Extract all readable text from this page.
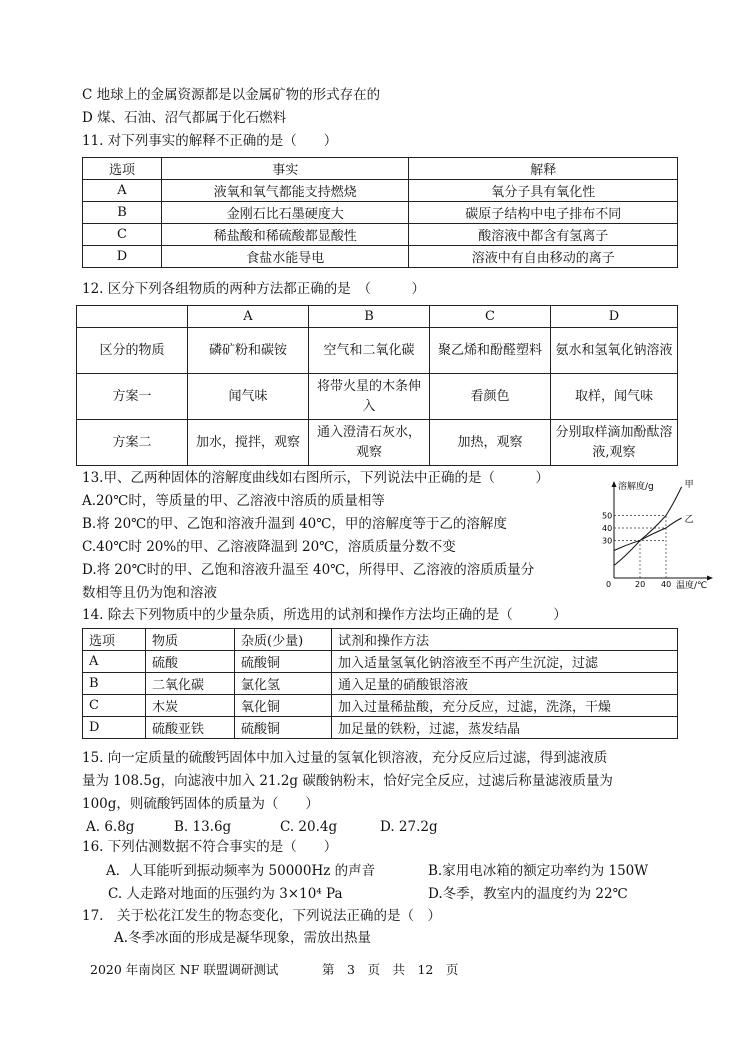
C 地球上的金属资源都是以金属矿物的形式存在的
D 煤、石油、沼气都属于化石燃料
11. 对下列事实的解释不正确的是（　　）
选项	事实	解释
A	液氧和氧气都能支持燃烧	氧分子具有氧化性
B	金刚石比石墨硬度大	碳原子结构中电子排布不同
C	稀盐酸和稀硫酸都显酸性	酸溶液中都含有氢离子
D	食盐水能导电	溶液中有自由移动的离子
12. 区分下列各组物质的两种方法都正确的是　（　　　）
	A	B	C	D
区分的物质	磷矿粉和碳铵	空气和二氧化碳	聚乙烯和酚醛塑料	氨水和氢氧化钠溶液
方案一	闻气味	将带火星的木条伸入	看颜色	取样，闻气味
方案二	加水，搅拌，观察	通入澄清石灰水，观察	加热，观察	分别取样滴加酚酞溶液,观察
13.甲、乙两种固体的溶解度曲线如右图所示，下列说法中正确的是（　　　）
A.20℃时，等质量的甲、乙溶液中溶质的质量相等
B.将 20℃的甲、乙饱和溶液升温到 40℃，甲的溶解度等于乙的溶解度
C.40℃时 20%的甲、乙溶液降温到 20℃，溶质质量分数不变
D.将 20℃时的甲、乙饱和溶液升温至 40℃，所得甲、乙溶液的溶质质量分
数相等且仍为饱和溶液
溶解度/g
温度/℃
30
40
50
0	20 40
甲
乙
14. 除去下列物质中的少量杂质，所选用的试剂和操作方法均正确的是（　　　）
选项	物质	杂质(少量)	试剂和操作方法
A	硫酸	硫酸铜	加入适量氢氧化钠溶液至不再产生沉淀，过滤
B	二氧化碳	氯化氢	通入足量的硝酸银溶液
C	木炭	氧化铜	加入过量稀盐酸，充分反应，过滤，洗涤，干燥
D	硫酸亚铁	硫酸铜	加足量的铁粉，过滤，蒸发结晶
15. 向一定质量的硫酸钙固体中加入过量的氢氧化钡溶液，充分反应后过滤，得到滤液质
量为 108.5g，向滤液中加入 21.2g 碳酸钠粉末，恰好完全反应，过滤后称量滤液质量为
100g，则硫酸钙固体的质量为（　　）
A. 6.8g	B. 13.6g	C. 20.4g	D. 27.2g
16. 下列估测数据不符合事实的是（　　）
A．人耳能听到振动频率为 50000Hz 的声音	B.家用电冰箱的额定功率约为 150W
C. 人走路对地面的压强约为 3×10⁴ Pa	D.冬季，教室内的温度约为 22℃
17.　关于松花江发生的物态变化，下列说法正确的是（　）
A.冬季冰面的形成是凝华现象，需放出热量
2020 年南岗区 NF 联盟调研测试	第　3　页　共　12　页
